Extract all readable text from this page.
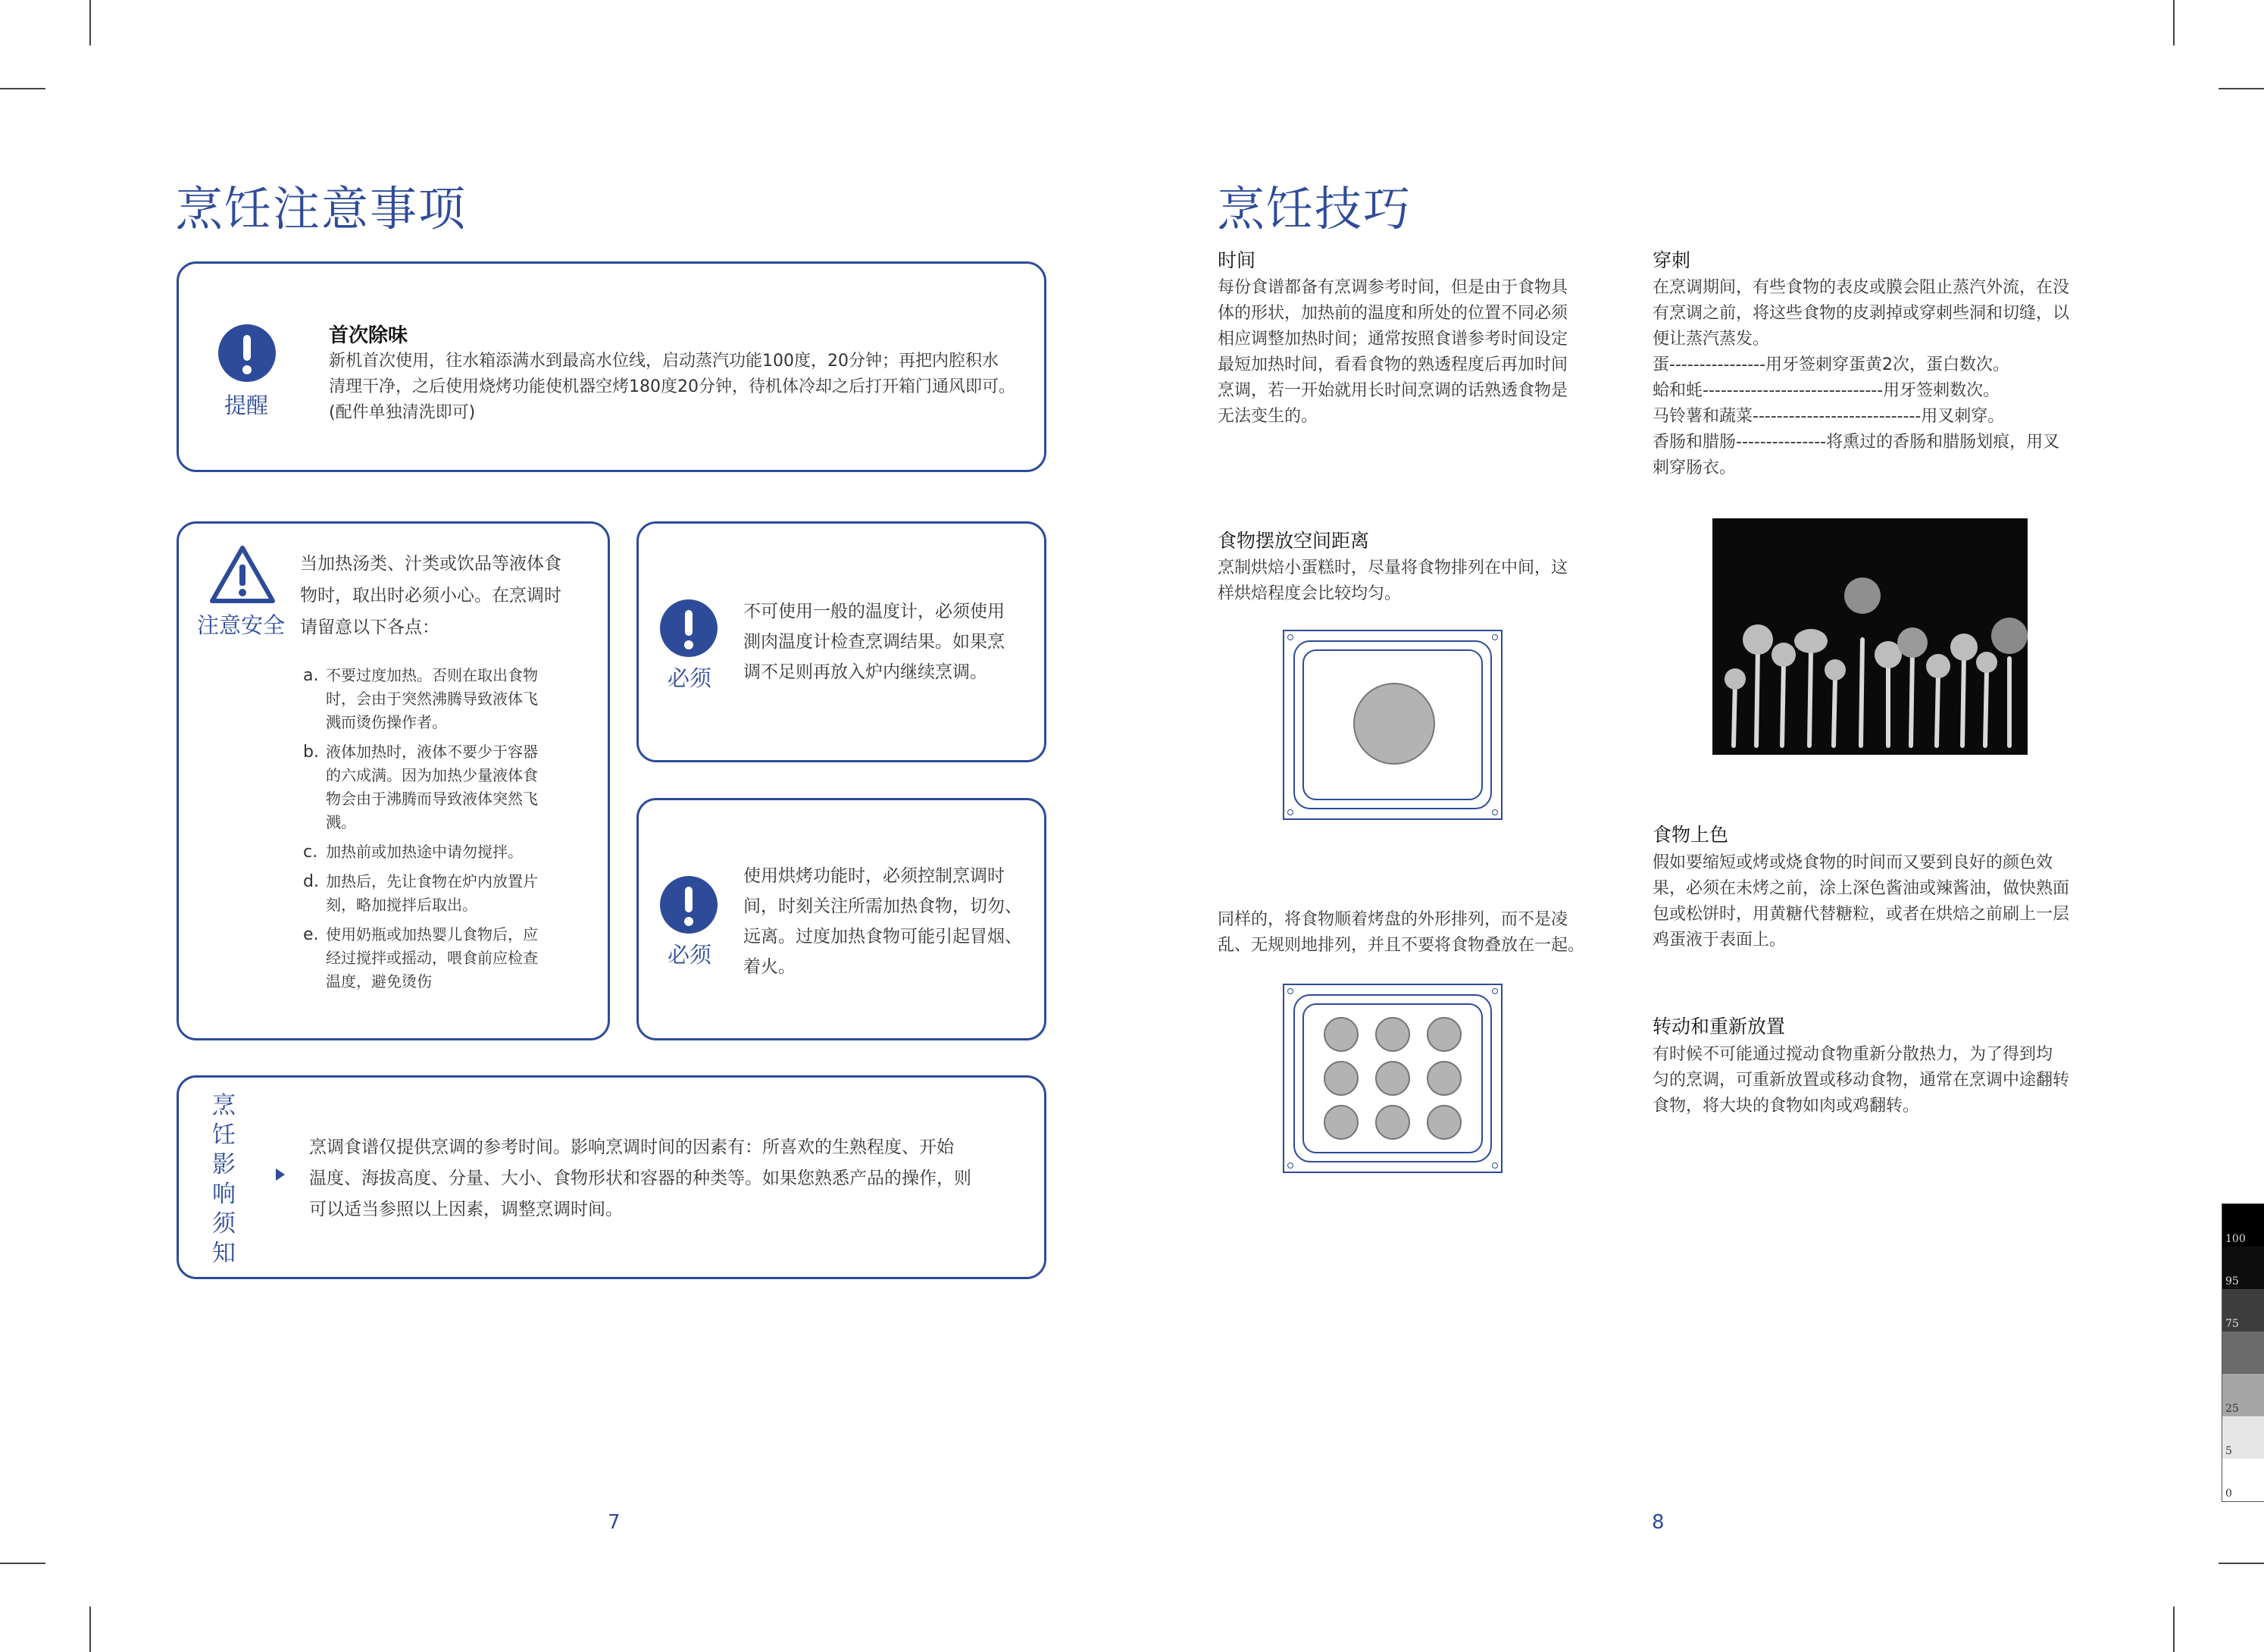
烹饪注意事项
提醒
首次除味
新机首次使用，往水箱添满水到最高水位线，启动蒸汽功能100度，20分钟；再把内腔积水
清理干净，之后使用烧烤功能使机器空烤180度20分钟，待机体冷却之后打开箱门通风即可。
(配件单独清洗即可)
注意安全
当加热汤类、汁类或饮品等液体食
物时，取出时必须小心。在烹调时
请留意以下各点：
a. 不要过度加热。否则在取出食物
时，会由于突然沸腾导致液体飞
溅而烫伤操作者。
b. 液体加热时，液体不要少于容器
的六成满。因为加热少量液体食
物会由于沸腾而导致液体突然飞
溅。
c. 加热前或加热途中请勿搅拌。
d. 加热后，先让食物在炉内放置片
刻，略加搅拌后取出。
e. 使用奶瓶或加热婴儿食物后，应
经过搅拌或摇动，喂食前应检查
温度，避免烫伤
必须
不可使用一般的温度计，必须使用
測肉温度计检查烹调结果。如果烹
调不足则再放入炉内继续烹调。
必须
使用烘烤功能时，必须控制烹调时
间，时刻关注所需加热食物，切勿、
远离。过度加热食物可能引起冒烟、
着火。
烹
饪
影
响
须
知
烹调食谱仅提供烹调的参考时间。影响烹调时间的因素有：所喜欢的生熟程度、开始
温度、海拔高度、分量、大小、食物形状和容器的种类等。如果您熟悉产品的操作，则
可以适当参照以上因素，调整烹调时间。
7
烹饪技巧
时间
每份食谱都备有烹调参考时间，但是由于食物具
体的形状，加热前的温度和所处的位置不同必须
相应调整加热时间；通常按照食谱参考时间设定
最短加热时间，看看食物的熟透程度后再加时间
烹调，若一开始就用长时间烹调的话熟透食物是
无法变生的。
食物摆放空间距离
烹制烘焙小蛋糕时，尽量将食物排列在中间，这
样烘焙程度会比较均匀。
同样的，将食物顺着烤盘的外形排列，而不是凌
乱、无规则地排列，并且不要将食物叠放在一起。
穿刺
在烹调期间，有些食物的表皮或膜会阻止蒸汽外流，在没
有烹调之前，将这些食物的皮剥掉或穿刺些洞和切缝，以
便让蒸汽蒸发。
蛋----------------用牙签刺穿蛋黄2次，蛋白数次。
蛤和蚝------------------------------用牙签刺数次。
马铃薯和蔬菜----------------------------用叉刺穿。
香肠和腊肠---------------将熏过的香肠和腊肠划痕，用叉
刺穿肠衣。
食物上色
假如要缩短或烤或烧食物的时间而又要到良好的颜色效
果，必须在未烤之前，涂上深色酱油或辣酱油，做快熟面
包或松饼时，用黄糖代替糖粒，或者在烘焙之前刷上一层
鸡蛋液于表面上。
转动和重新放置
有时候不可能通过搅动食物重新分散热力，为了得到均
匀的烹调，可重新放置或移动食物，通常在烹调中途翻转
食物，将大块的食物如肉或鸡翻转。
8
100
95
75
25
5
0
